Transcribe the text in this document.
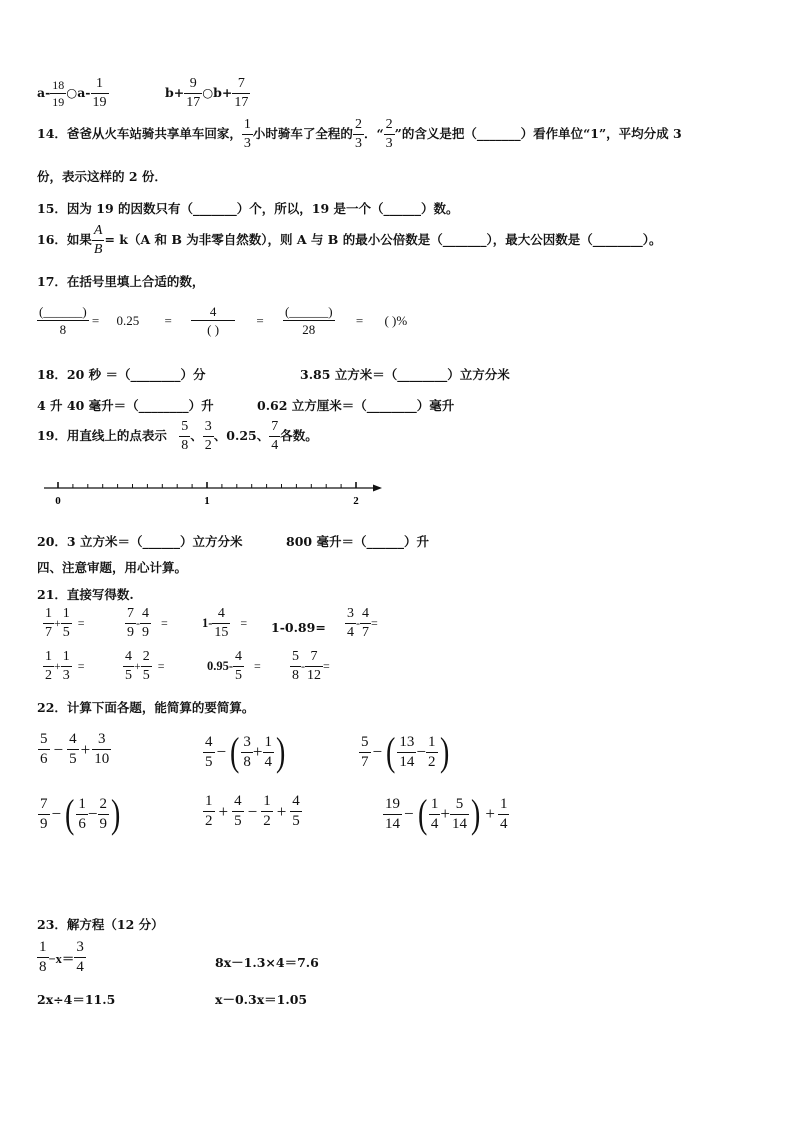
$a- \frac{18}{19}$ ○a- $\frac{1}{19}$	$b+ \frac{9}{17}$ ○b+ $\frac{7}{17}$
14．爸爸从火车站骑共享单车回家， $\frac{1}{3}$ 小时骑车了全程的 $\frac{2}{3}$ ．“ $\frac{2}{3}$ ”的含义是把（_______）看作单位“1”，平均分成 3
份，表示这样的 2 份．
15．因为 19 的因数只有（_______）个，所以，19 是一个（______）数。
16．如果 $\frac{A}{B} = k(A$ 和 B 为非零自然数），则 A 与 B 的最小公倍数是（_______），最大公因数是（________）。
17．在括号里填上合适的数，
$\frac{(\_\_\_\_\_\_)}{8} = 0.25 = \frac{4}{( )} = \frac{(\_\_\_\_\_\_)}{28}$ = ( )%
18．20 秒 ＝（________）分	3.85 立方米＝（________）立方分米
4 升 40 毫升＝（________）升	0.62 立方厘米＝（________）毫升
19．用直线上的点表示 $\frac{5}{8}$ 、 $\frac{3}{2}$ 、0.25、 $\frac{7}{4}$ 各数。
0	1	2
20．3 立方米＝（______）立方分米	800 毫升＝（______）升
四、注意审题，用心计算。
21．直接写得数.
$\frac{1}{7} + \frac{1}{5}$ =	$\frac{7}{9} - \frac{4}{9}$ =	$1- \frac{4}{15} = 1-0.89= \frac{3}{4} - \frac{4}{7}$ =
$\frac{1}{2} + \frac{1}{3}$ =	$\frac{4}{5} + \frac{2}{5}$ =	$0.95- \frac{4}{5} = \frac{5}{8} - \frac{7}{12}$ =
22．计算下面各题，能简算的要简算。
$\frac{5}{6} - \frac{4}{5} + \frac{3}{10}$	$\frac{4}{5}$ −( $\frac{3}{8} + \frac{1}{4}$ )	$\frac{5}{7}$ −( $\frac{13}{14} - \frac{1}{2}$ )
$\frac{7}{9}$ −( $\frac{1}{6} - \frac{2}{9}$ )	$\frac{1}{2} + \frac{4}{5} - \frac{1}{2} + \frac{4}{5}$	$\frac{19}{14}$ −( $\frac{1}{4} + \frac{5}{14}$ ) + $\frac{1}{4}$
23．解方程（12 分）
$\frac{1}{8} -x= \frac{3}{4}$	8x－1.3×4＝7.6
2x÷4＝11.5	x－0.3x＝1.05
